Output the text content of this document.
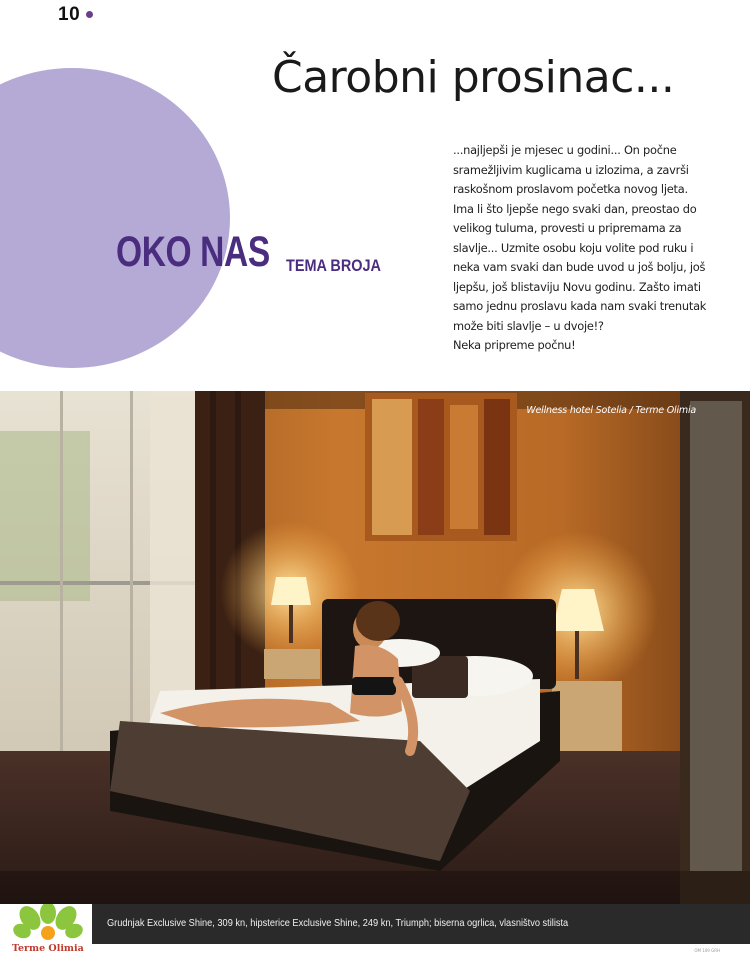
10
Čarobni prosinac...
OKO NAS TEMA BROJA
...najljepši je mjesec u godini... On počne
sramežljivim kuglicama u izlozima, a završi
raskošnom proslavom početka novog ljeta.
Ima li što ljepše nego svaki dan, preostao do
velikog tuluma, provesti u pripremama za
slavlje... Uzmite osobu koju volite pod ruku i
neka vam svaki dan bude uvod u još bolju, još
ljepšu, još blistaviju Novu godinu. Zašto imati
samo jednu proslavu kada nam svaki trenutak
može biti slavlje – u dvoje!?
Neka pripreme počnu!
Wellness hotel Sotelia / Terme Olimia
Terme Olimia
Grudnjak Exclusive Shine, 309 kn, hipsterice Exclusive Shine, 249 kn, Triumph; biserna ogrlica, vlasništvo stilista
OM 109 GRH
